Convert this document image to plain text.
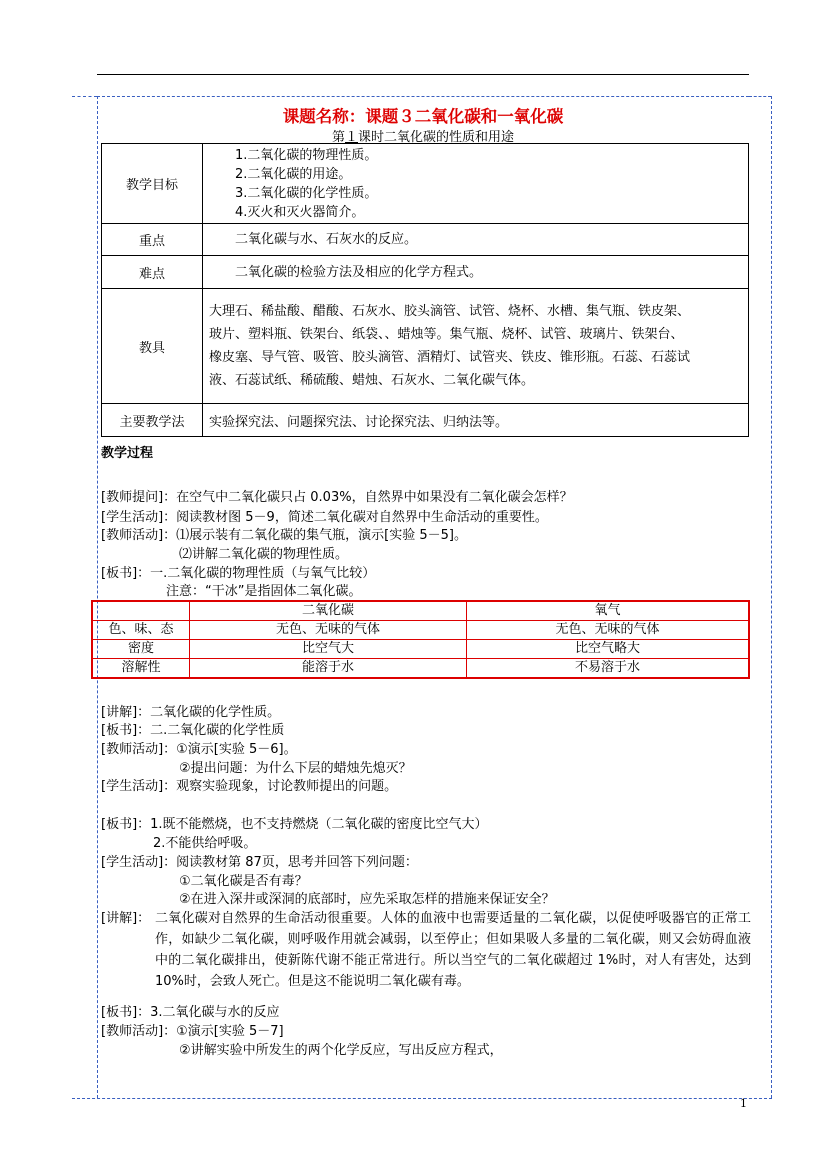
课题名称：课题３二氧化碳和一氧化碳
第１课时二氧化碳的性质和用途
教学目标	1.二氧化碳的物理性质。
2.二氧化碳的用途。
3.二氧化碳的化学性质。
4.灭火和灭火器简介。

重点	二氧化碳与水、石灰水的反应。

难点	二氧化碳的检验方法及相应的化学方程式。

教具	大理石、稀盐酸、醋酸、石灰水、胶头滴管、试管、烧杯、水槽、集气瓶、铁皮架、
玻片、塑料瓶、铁架台、纸袋、、蜡烛等。集气瓶、烧杯、试管、玻璃片、铁架台、
橡皮塞、导气管、吸管、胶头滴管、酒精灯、试管夹、铁皮、锥形瓶。石蕊、石蕊试
液、石蕊试纸、稀硫酸、蜡烛、石灰水、二氧化碳气体。

主要教学法	实验探究法、问题探究法、讨论探究法、归纳法等。
教学过程
[教师提问]：在空气中二氧化碳只占 0.03%，自然界中如果没有二氧化碳会怎样？
[学生活动]：阅读教材图 5－9，简述二氧化碳对自然界中生命活动的重要性。
[教师活动]：⑴展示装有二氧化碳的集气瓶，演示[实验 5－5]。
　　　　　　⑵讲解二氧化碳的物理性质。
[板书]：一.二氧化碳的物理性质（与氧气比较）
　　　　　注意：“干冰”是指固体二氧化碳。
	二氧化碳	氧气
色、味、态	无色、无味的气体	无色、无味的气体
密度	比空气大	比空气略大
溶解性	能溶于水	不易溶于水
[讲解]：二氧化碳的化学性质。
[板书]：二.二氧化碳的化学性质
[教师活动]：①演示[实验 5－6]。
　　　　　　②提出问题：为什么下层的蜡烛先熄灭？
[学生活动]：观察实验现象，讨论教师提出的问题。
[板书]：1.既不能燃烧，也不支持燃烧（二氧化碳的密度比空气大）
　　　　2.不能供给呼吸。
[学生活动]：阅读教材第 87页，思考并回答下列问题：
　　　　　　①二氧化碳是否有毒？
　　　　　　②在进入深井或深洞的底部时，应先采取怎样的措施来保证安全？
[讲解]： 二氧化碳对自然界的生命活动很重要。人体的血液中也需要适量的二氧化碳，以促使呼吸器官的正常工作，如缺少二氧化碳，则呼吸作用就会减弱，以至停止；但如果吸人多量的二氧化碳，则又会妨碍血液中的二氧化碳排出，使新陈代谢不能正常进行。所以当空气的二氧化碳超过 1%时，对人有害处，达到 10%时，会致人死亡。但是这不能说明二氧化碳有毒。
[板书]：3.二氧化碳与水的反应
[教师活动]：①演示[实验 5－7]
　　　　　　②讲解实验中所发生的两个化学反应，写出反应方程式，
1
